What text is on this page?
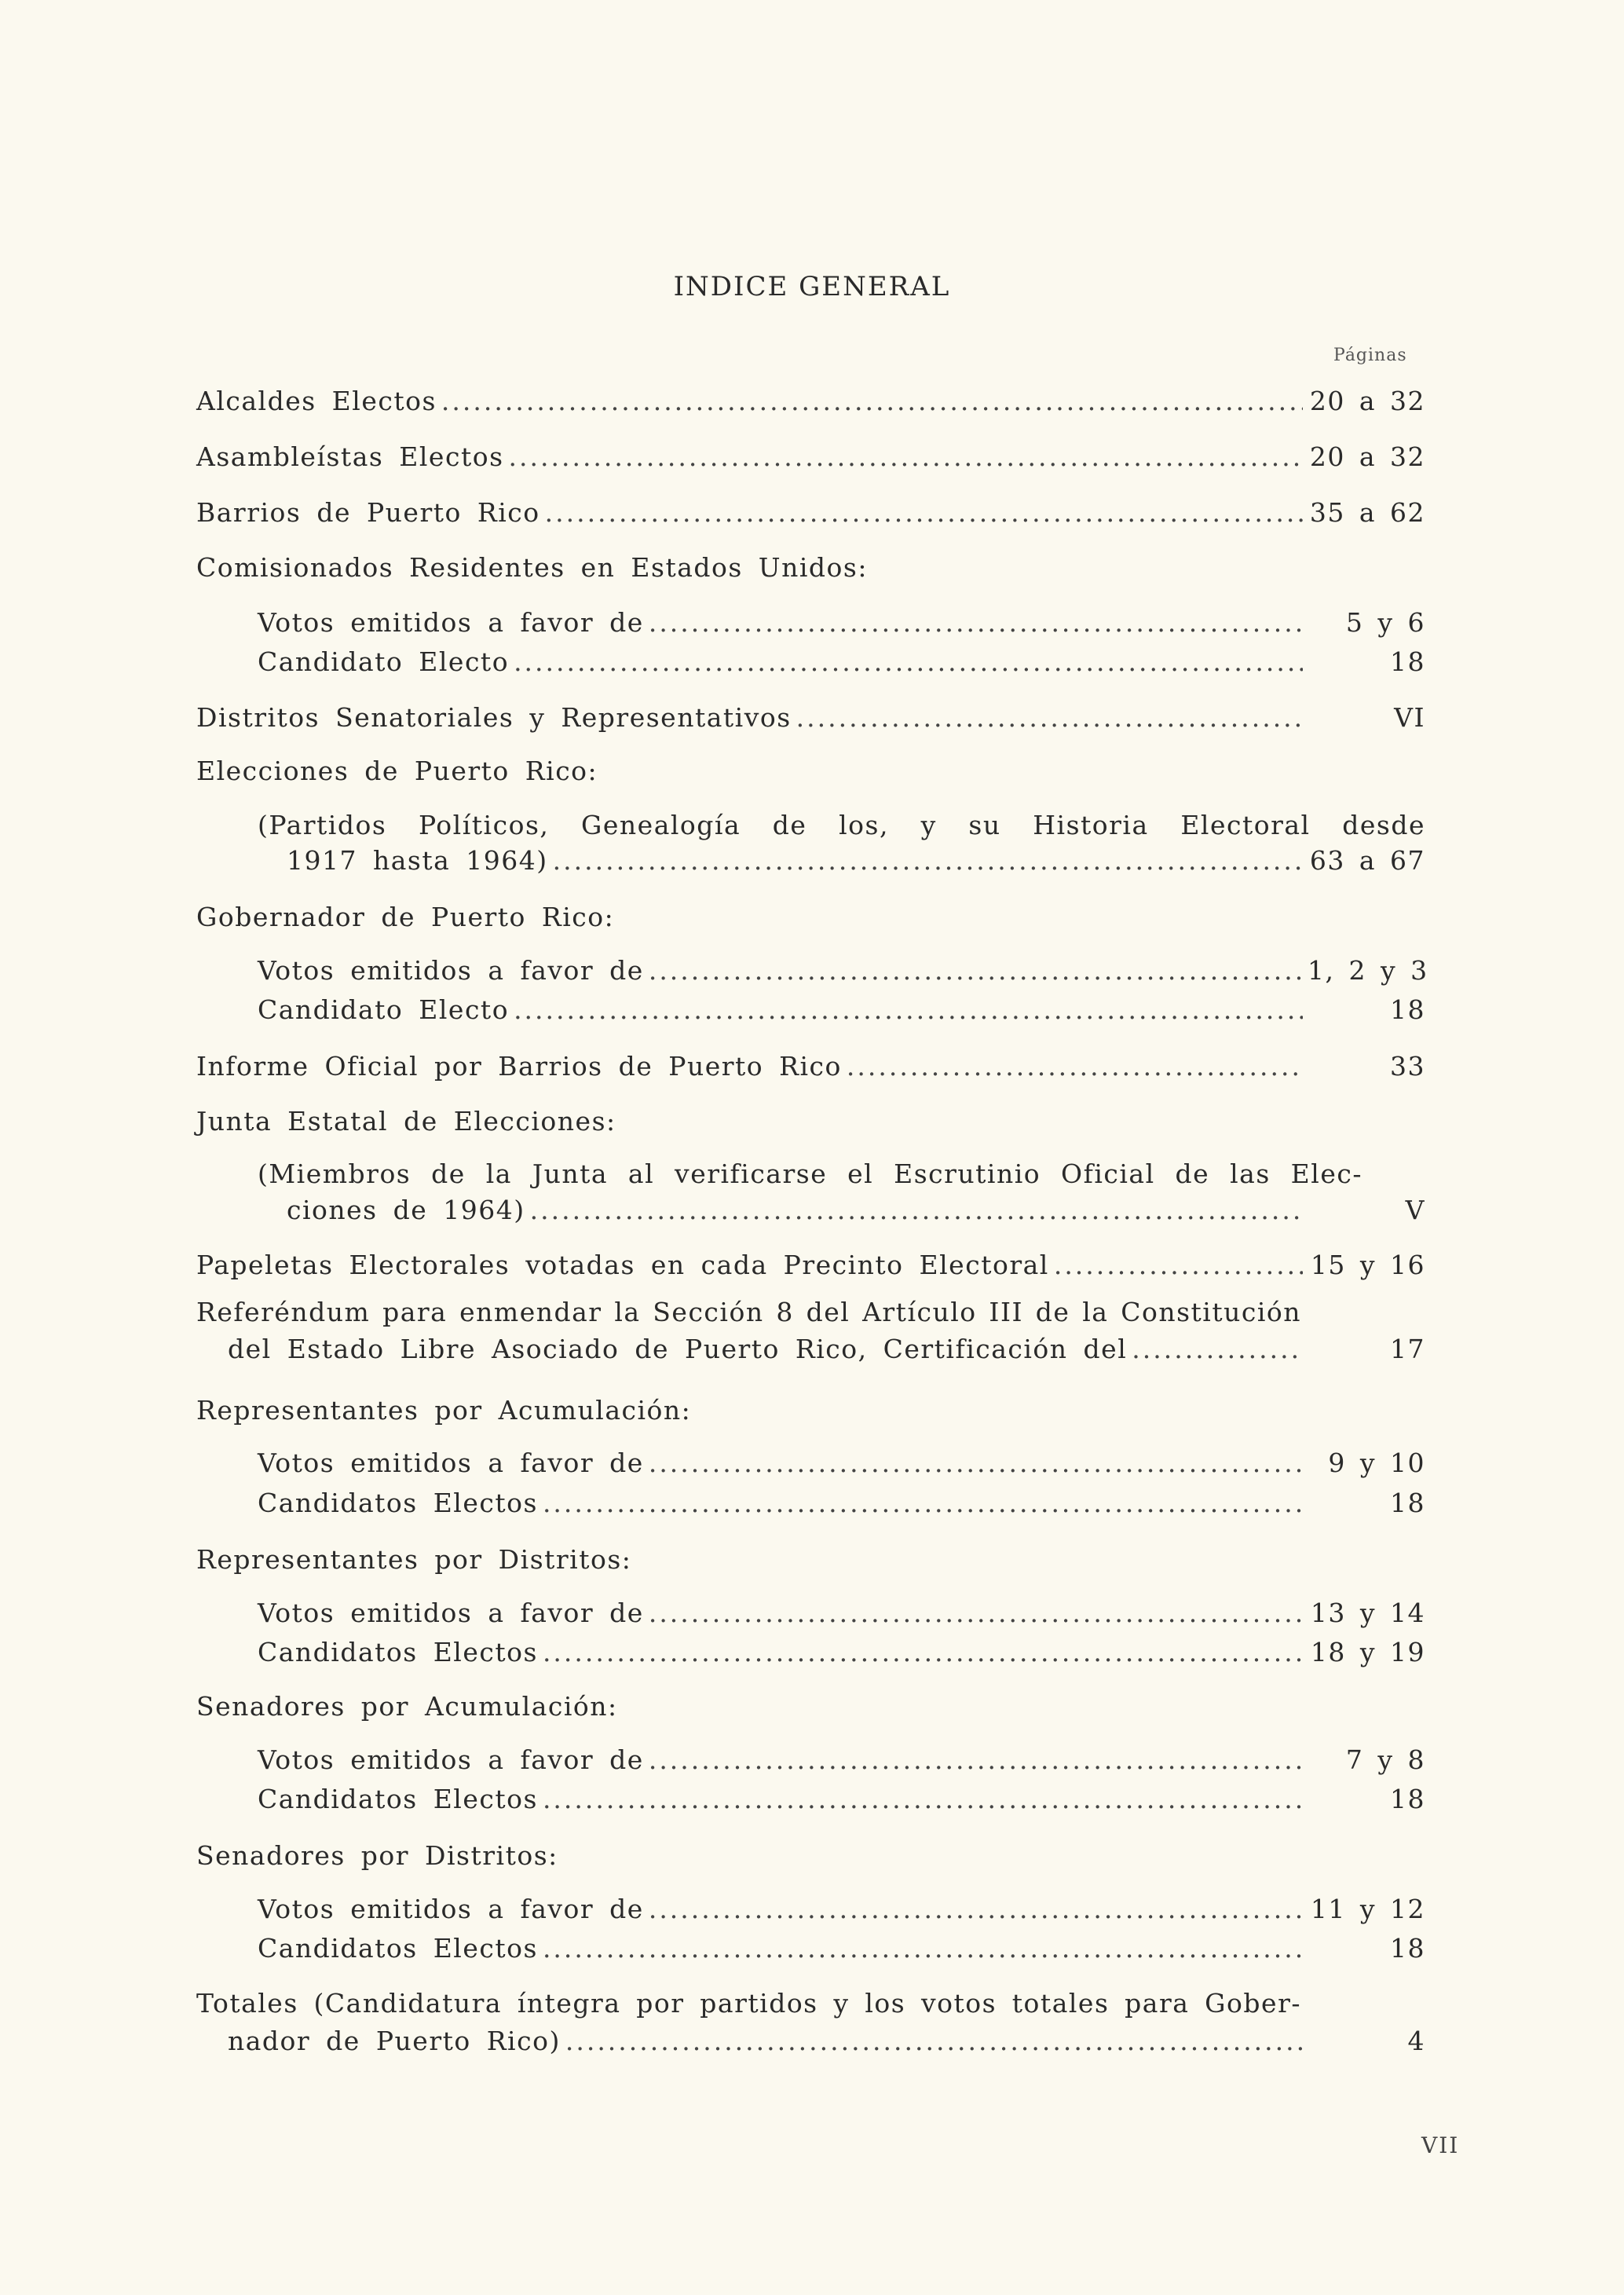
INDICE GENERAL
Páginas
Alcaldes Electos .....	20 a 32
Asambleístas Electos .....	20 a 32
Barrios de Puerto Rico .....	35 a 62
Comisionados Residentes en Estados Unidos:
Votos emitidos a favor de .....	5 y 6
Candidato Electo .....	18
Distritos Senatoriales y Representativos .....	VI
Elecciones de Puerto Rico:
(Partidos Políticos, Genealogía de los, y su Historia Electoral desde
1917 hasta 1964) .....	63 a 67
Gobernador de Puerto Rico:
Votos emitidos a favor de .....	1, 2 y 3
Candidato Electo .....	18
Informe Oficial por Barrios de Puerto Rico .....	33
Junta Estatal de Elecciones:
(Miembros de la Junta al verificarse el Escrutinio Oficial de las Elec-
ciones de 1964) .....	V
Papeletas Electorales votadas en cada Precinto Electoral .....	15 y 16
Referéndum para enmendar la Sección 8 del Artículo III de la Constitución
del Estado Libre Asociado de Puerto Rico, Certificación del .....	17
Representantes por Acumulación:
Votos emitidos a favor de .....	9 y 10
Candidatos Electos .....	18
Representantes por Distritos:
Votos emitidos a favor de .....	13 y 14
Candidatos Electos .....	18 y 19
Senadores por Acumulación:
Votos emitidos a favor de .....	7 y 8
Candidatos Electos .....	18
Senadores por Distritos:
Votos emitidos a favor de .....	11 y 12
Candidatos Electos .....	18
Totales (Candidatura íntegra por partidos y los votos totales para Gober-
nador de Puerto Rico) .....	4
VII
